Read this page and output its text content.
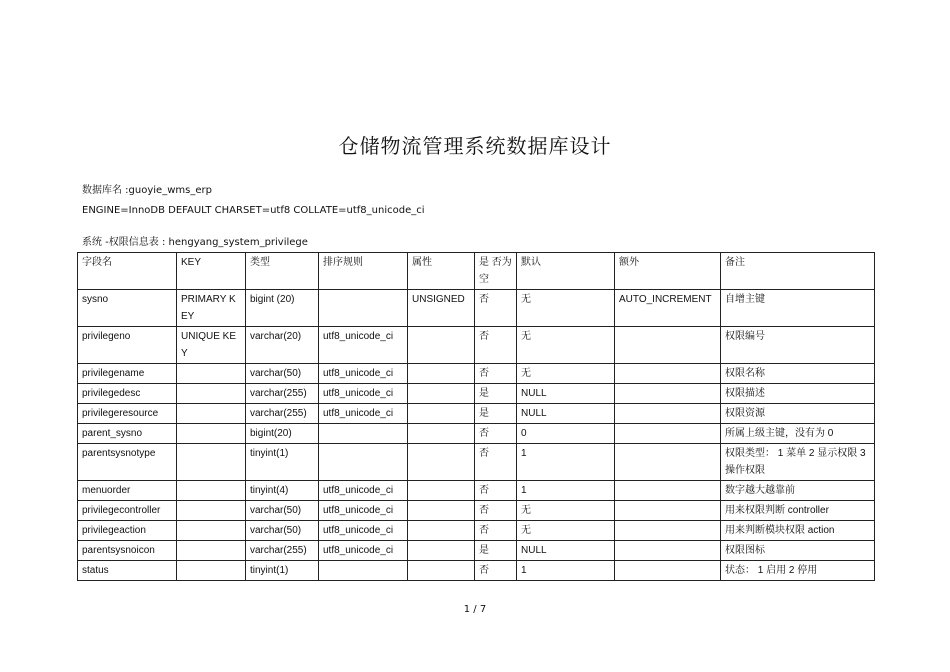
仓储物流管理系统数据库设计
数据库名 :guoyie_wms_erp
ENGINE=InnoDB DEFAULT CHARSET=utf8 COLLATE=utf8_unicode_ci
系统 -权限信息表 : hengyang_system_privilege
字段名	KEY	类型	排序规则	属性	是 否为空	默认	额外	备注
sysno	PRIMARY KEY	bigint (20)		UNSIGNED	否	无	AUTO_INCREMENT	自增主键
privilegeno	UNIQUE KEY	varchar(20)	utf8_unicode_ci		否	无		权限编号
privilegename		varchar(50)	utf8_unicode_ci		否	无		权限名称
privilegedesc		varchar(255)	utf8_unicode_ci		是	NULL		权限描述
privilegeresource		varchar(255)	utf8_unicode_ci		是	NULL		权限资源
parent_sysno		bigint(20)			否	0		所属上级主键，没有为 0
parentsysnotype		tinyint(1)			否	1		权限类型： 1 菜单 2 显示权限 3 操作权限
menuorder		tinyint(4)	utf8_unicode_ci		否	1		数字越大越靠前
privilegecontroller		varchar(50)	utf8_unicode_ci		否	无		用来权限判断 controller
privilegeaction		varchar(50)	utf8_unicode_ci		否	无		用来判断模块权限 action
parentsysnoicon		varchar(255)	utf8_unicode_ci		是	NULL		权限图标
status		tinyint(1)			否	1		状态： 1 启用 2 停用
1 / 7
